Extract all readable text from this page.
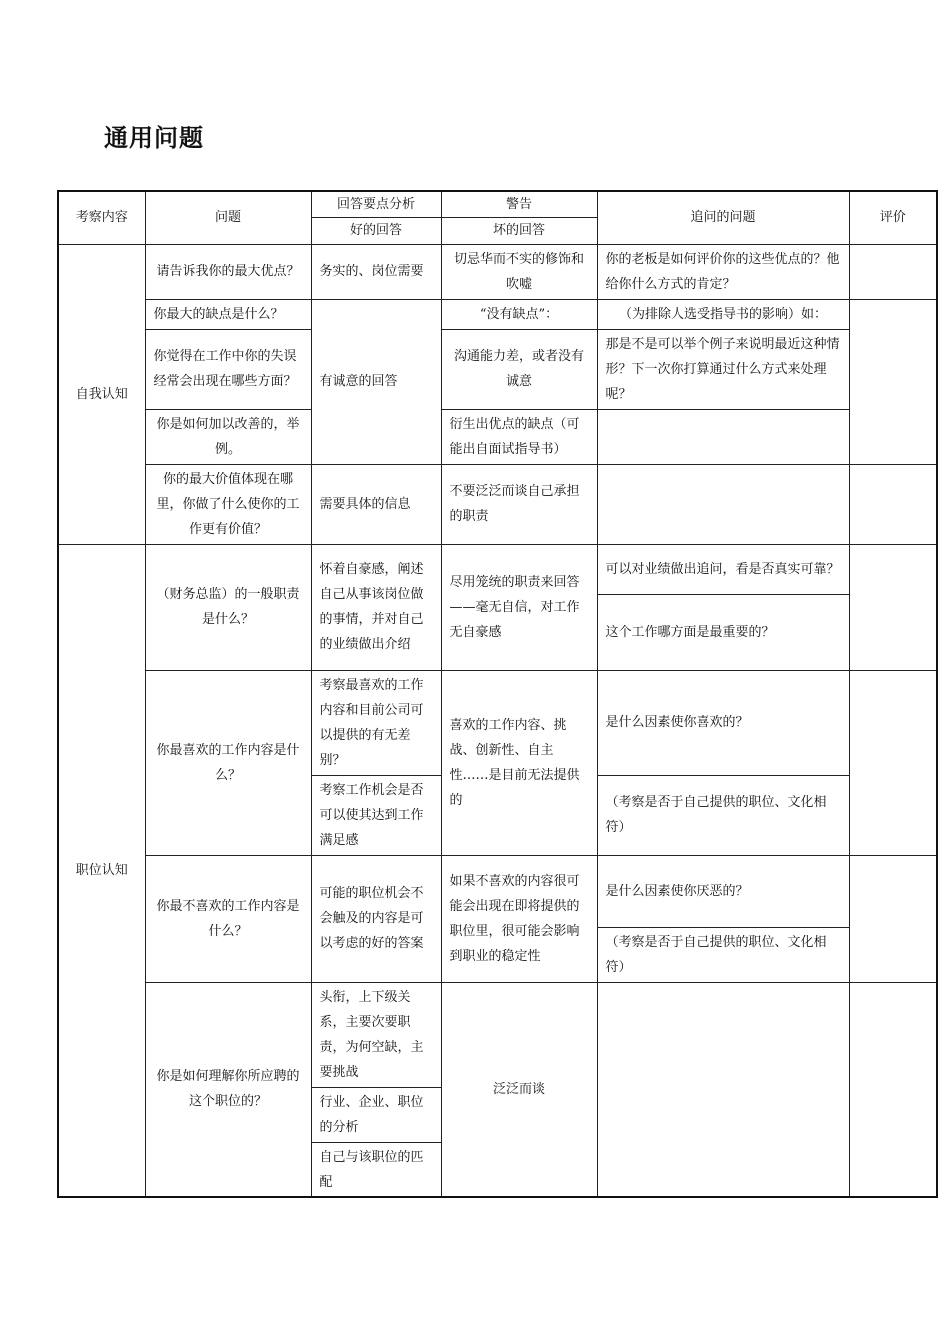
通用问题
考察内容	问题	回答要点分析	警告	追问的问题	评价
		好的回答	坏的回答		
自我认知	请告诉我你的最大优点？	务实的、岗位需要	切忌华而不实的修饰和吹嘘	你的老板是如何评价你的这些优点的？他给你什么方式的肯定？	
	你最大的缺点是什么？	有诚意的回答	“没有缺点”：	（为排除人选受指导书的影响）如：	
	你觉得在工作中你的失误经常会出现在哪些方面？		沟通能力差，或者没有诚意	那是不是可以举个例子来说明最近这种情形？下一次你打算通过什么方式来处理呢？	

	你是如何加以改善的，举例。		衍生出优点的缺点（可能出自面试指导书）		

	你的最大价值体现在哪里，你做了什么使你的工作更有价值？	需要具体的信息	不要泛泛而谈自己承担的职责		
职位认知	（财务总监）的一般职责是什么？	怀着自豪感，阐述自己从事该岗位做的事情，并对自己的业绩做出介绍	尽用笼统的职责来回答——毫无自信，对工作无自豪感	可以对业绩做出追问，看是否真实可靠？	
				这个工作哪方面是最重要的？	
	你最喜欢的工作内容是什么？	考察最喜欢的工作内容和目前公司可以提供的有无差别？	喜欢的工作内容、挑战、创新性、自主性……是目前无法提供的	是什么因素使你喜欢的？	
		考察工作机会是否可以使其达到工作满足感		（考察是否于自己提供的职位、文化相符）	
	你最不喜欢的工作内容是什么？	可能的职位机会不会触及的内容是可以考虑的好的答案	如果不喜欢的内容很可能会出现在即将提供的职位里，很可能会影响到职业的稳定性	是什么因素使你厌恶的？	
				（考察是否于自己提供的职位、文化相符）	
	你是如何理解你所应聘的这个职位的？	头衔，上下级关系，主要次要职责，为何空缺，主要挑战	泛泛而谈		
		行业、企业、职位的分析			
		自己与该职位的匹配			
